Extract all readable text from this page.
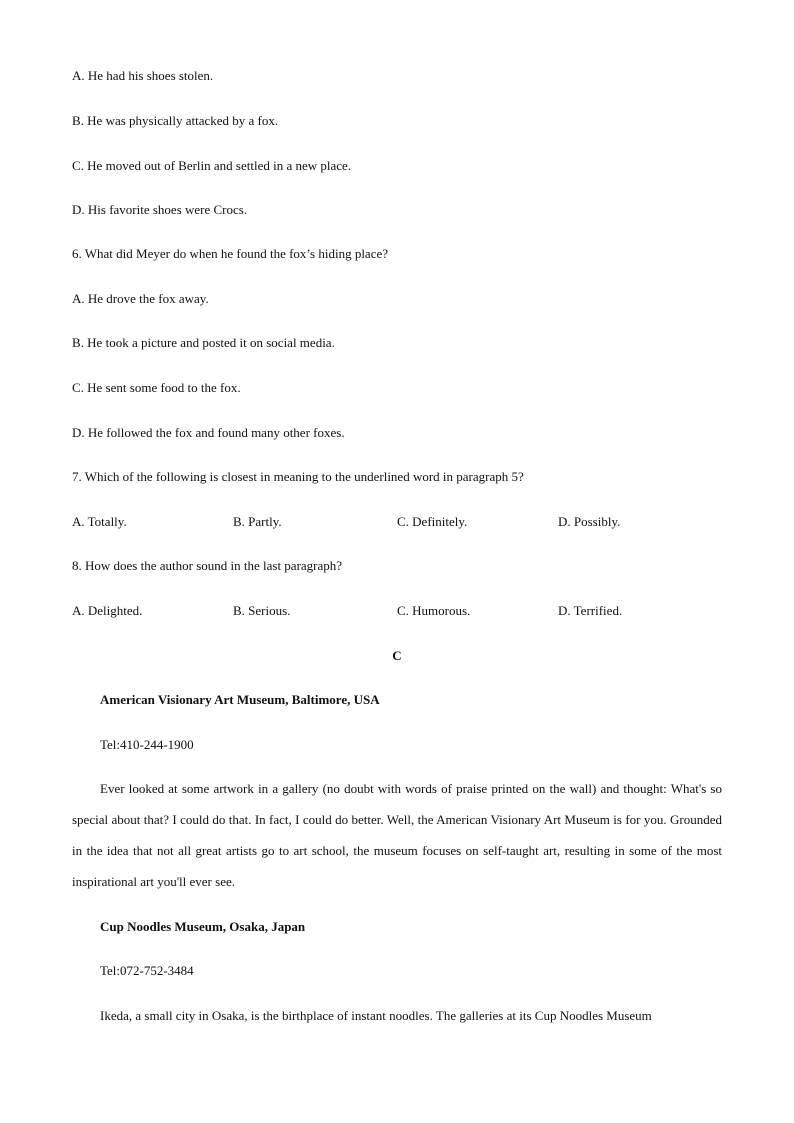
A. He had his shoes stolen.
B. He was physically attacked by a fox.
C. He moved out of Berlin and settled in a new place.
D. His favorite shoes were Crocs.
6. What did Meyer do when he found the fox’s hiding place?
A. He drove the fox away.
B. He took a picture and posted it on social media.
C. He sent some food to the fox.
D. He followed the fox and found many other foxes.
7. Which of the following is closest in meaning to the underlined word in paragraph 5?
A. Totally.	B. Partly.	C. Definitely.	D. Possibly.
8. How does the author sound in the last paragraph?
A. Delighted.	B. Serious.	C. Humorous.	D. Terrified.
C
American Visionary Art Museum, Baltimore, USA
Tel:410-244-1900

Ever looked at some artwork in a gallery (no doubt with words of praise printed on the wall) and thought: What's so special about that? I could do that. In fact, I could do better. Well, the American Visionary Art Museum is for you. Grounded in the idea that not all great artists go to art school, the museum focuses on self-taught art, resulting in some of the most inspirational art you'll ever see.

Cup Noodles Museum, Osaka, Japan
Tel:072-752-3484
Ikeda, a small city in Osaka, is the birthplace of instant noodles. The galleries at its Cup Noodles Museum
